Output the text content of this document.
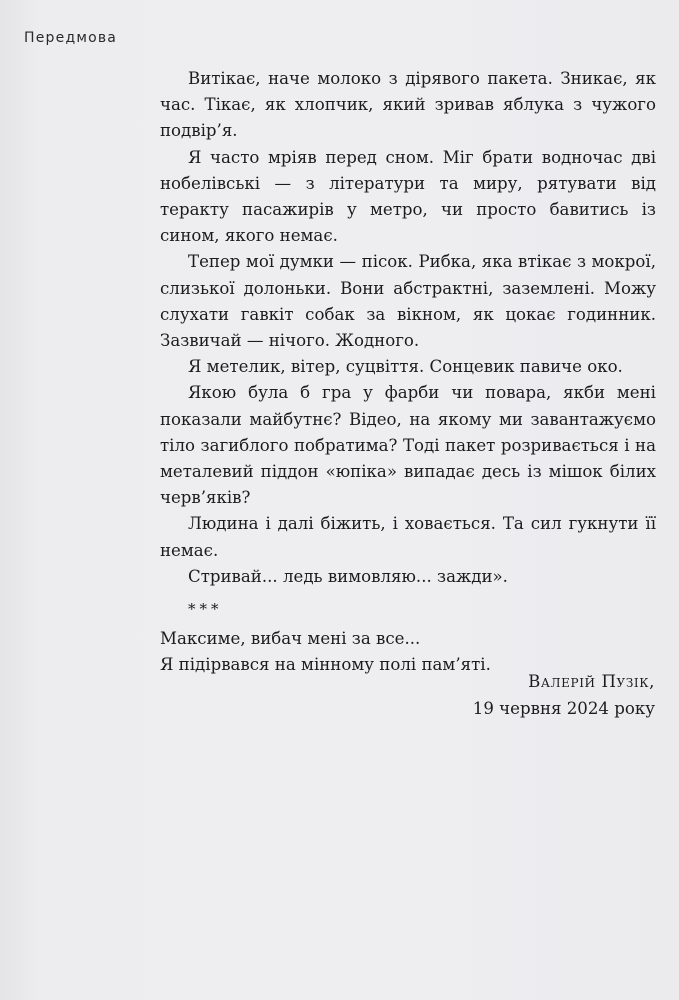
Передмова

Витікає, наче молоко з дірявого пакета. Зникає, як час. Тікає, як хлопчик, який зривав яблука з чужого подвір’я.

Я часто мріяв перед сном. Міг брати водночас дві нобелівські — з літератури та миру, рятувати від теракту пасажирів у метро, чи просто бавитись із сином, якого немає.

Тепер мої думки — пісок. Рибка, яка втікає з мокрої, слизької долоньки. Вони абстрактні, заземлені. Можу слухати гавкіт собак за вікном, як цокає годинник. Зазвичай — нічого. Жодного.

Я метелик, вітер, суцвіття. Сонцевик павиче око.

Якою була б гра у фарби чи повара, якби мені показали майбутнє? Відео, на якому ми завантажуємо тіло загиблого побратима? Тоді пакет розривається і на металевий піддон «юпіка» випадає десь із мішок білих черв’яків?

Людина і далі біжить, і ховається. Та сил гукнути її немає.

Стривай... ледь вимовляю... зажди».

***

Максиме, вибач мені за все...

Я підірвався на мінному полі пам’яті.

Валерій Пузік,
19 червня 2024 року
